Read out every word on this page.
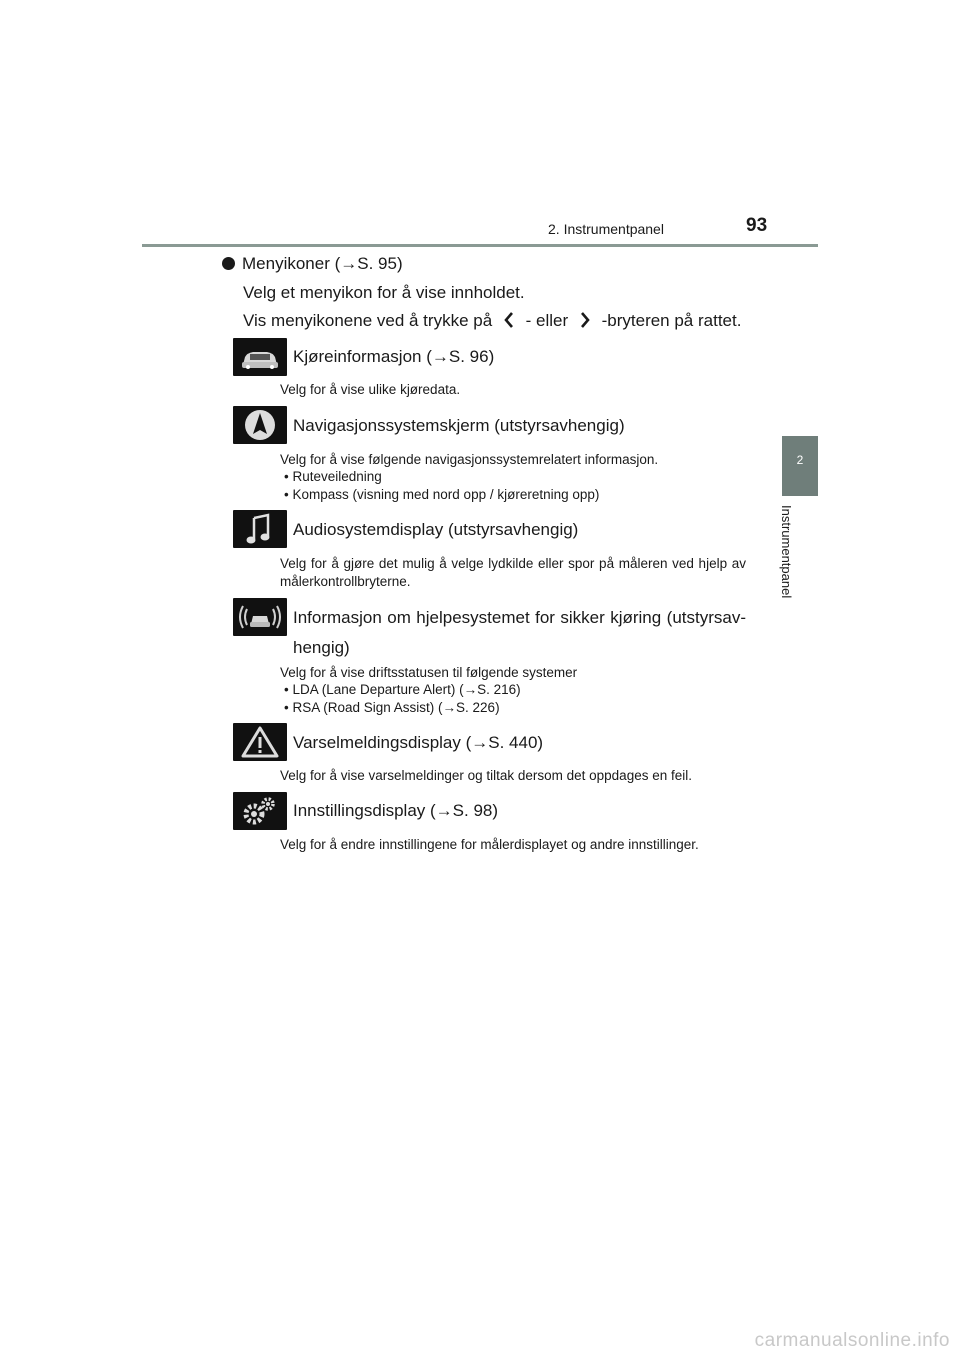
2. Instrumentpanel	93
2
Instrumentpanel
Menyikoner (→S. 95)
Velg et menyikon for å vise innholdet.
Vis menyikonene ved å trykke på - eller -bryteren på rattet.
Kjøreinformasjon (→S. 96)
Velg for å vise ulike kjøredata.
Navigasjonssystemskjerm (utstyrsavhengig)
Velg for å vise følgende navigasjonssystemrelatert informasjon.
• Ruteveiledning
• Kompass (visning med nord opp / kjøreretning opp)
Audiosystemdisplay (utstyrsavhengig)
Velg for å gjøre det mulig å velge lydkilde eller spor på måleren ved hjelp av målerkontrollbryterne.
Informasjon om hjelpesystemet for sikker kjøring (utstyrsav-hengig)
Velg for å vise driftsstatusen til følgende systemer
• LDA (Lane Departure Alert) (→S. 216)
• RSA (Road Sign Assist) (→S. 226)
Varselmeldingsdisplay (→S. 440)
Velg for å vise varselmeldinger og tiltak dersom det oppdages en feil.
Innstillingsdisplay (→S. 98)
Velg for å endre innstillingene for målerdisplayet og andre innstillinger.
carmanualsonline.info
